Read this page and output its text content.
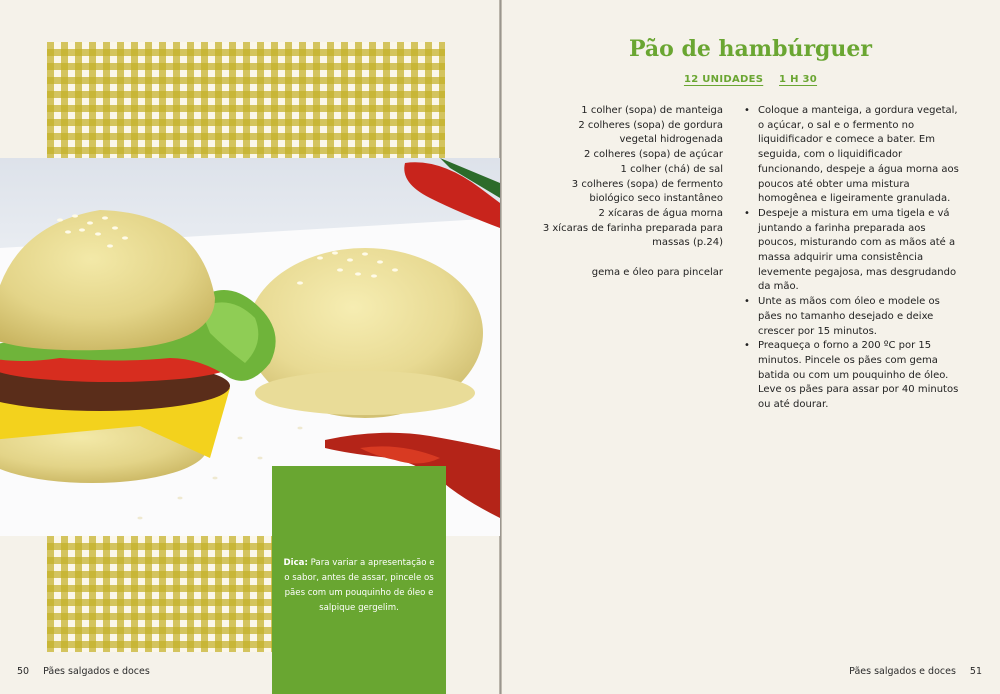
Dica: Para variar a apresentação e o sabor, antes de assar, pincele os pães com um pouquinho de óleo e salpique gergelim.
50 Pães salgados e doces	Pães salgados e doces 51
Pão de hambúrguer
12 UNIDADES 1 H 30
1 colher (sopa) de manteiga
2 colheres (sopa) de gordura vegetal hidrogenada
2 colheres (sopa) de açúcar
1 colher (chá) de sal
3 colheres (sopa) de fermento biológico seco instantâneo
2 xícaras de água morna
3 xícaras de farinha preparada para massas (p.24)
gema e óleo para pincelar
• Coloque a manteiga, a gordura vegetal, o açúcar, o sal e o fermento no liquidificador e comece a bater. Em seguida, com o liquidificador funcionando, despeje a água morna aos poucos até obter uma mistura homogênea e ligeiramente granulada.
• Despeje a mistura em uma tigela e vá juntando a farinha preparada aos poucos, misturando com as mãos até a massa adquirir uma consistência levemente pegajosa, mas desgrudando da mão.
• Unte as mãos com óleo e modele os pães no tamanho desejado e deixe crescer por 15 minutos.
• Preaqueça o forno a 200 ºC por 15 minutos. Pincele os pães com gema batida ou com um pouquinho de óleo. Leve os pães para assar por 40 minutos ou até dourar.
